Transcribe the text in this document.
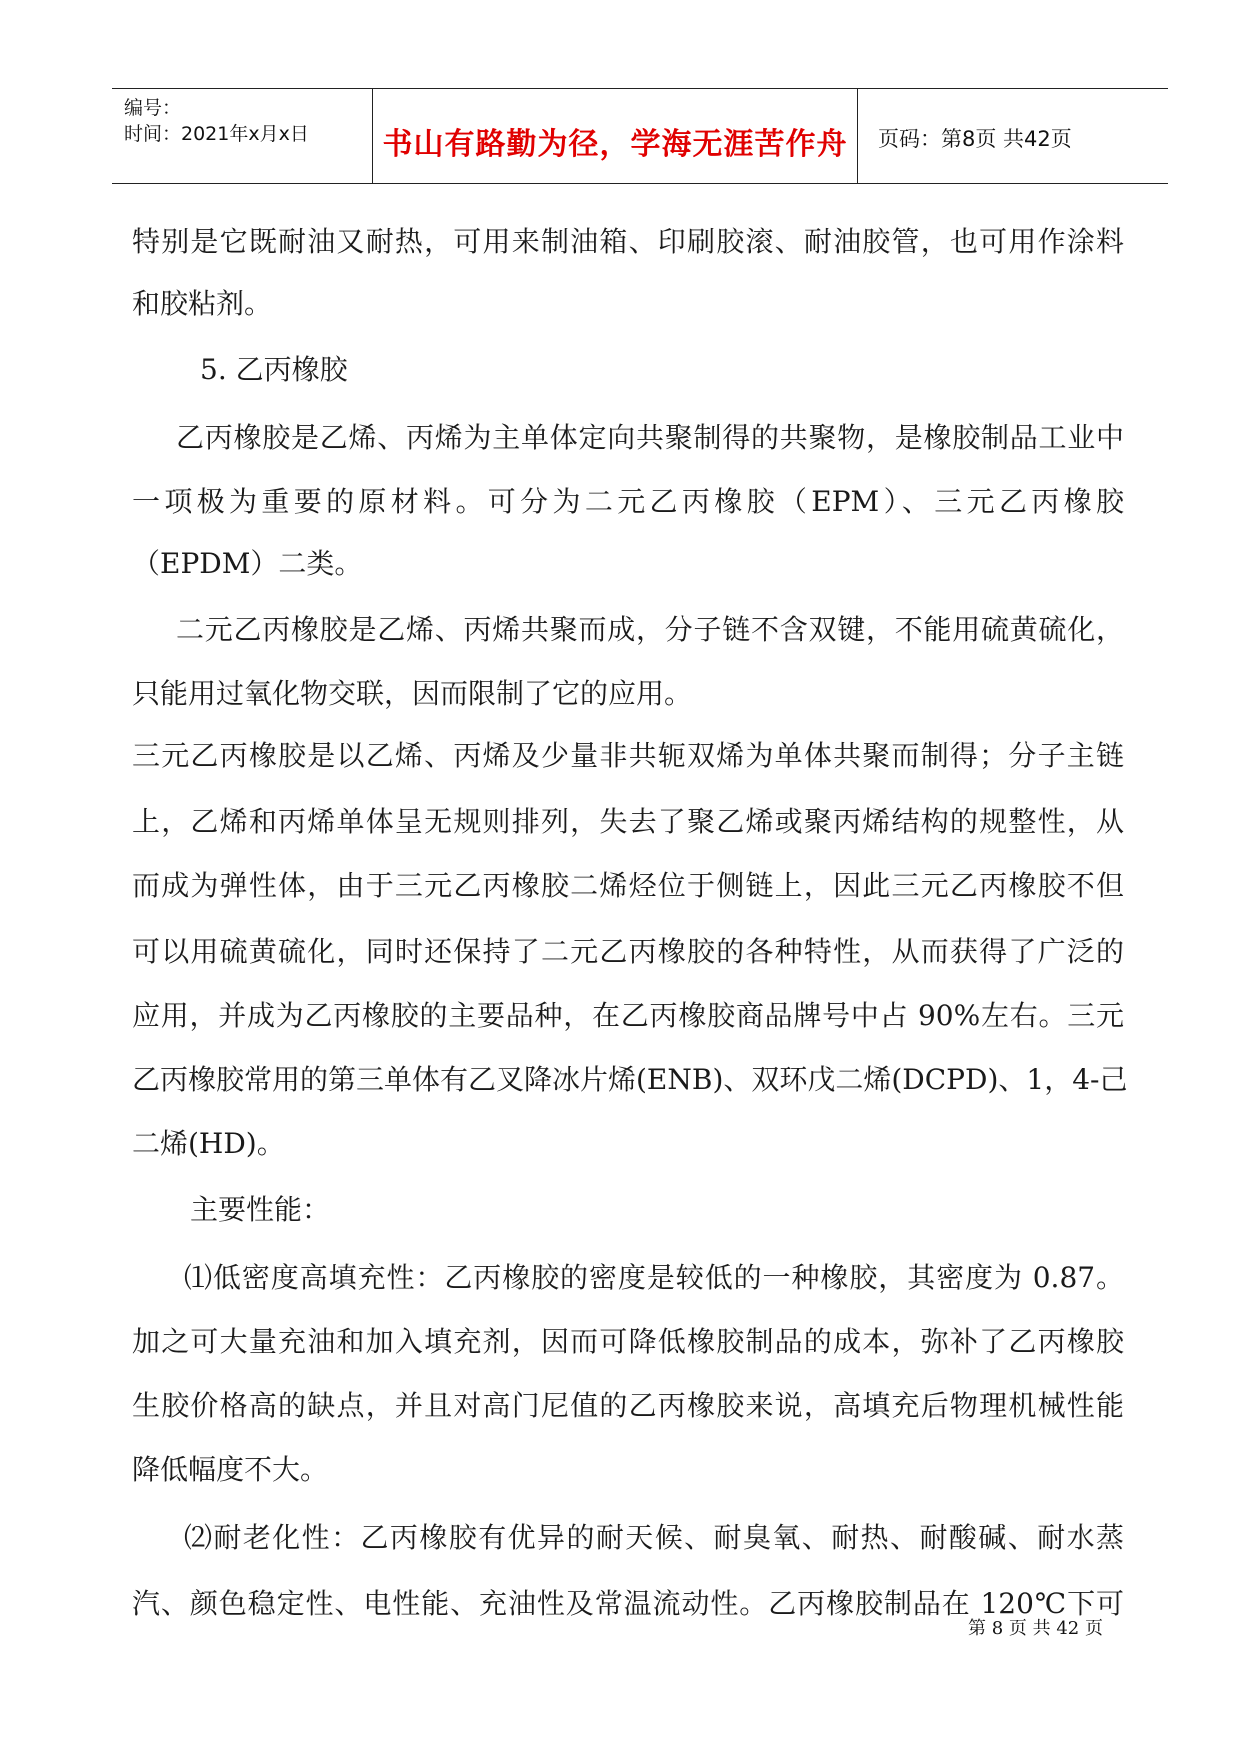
编号：
时间：2021年x月x日	书山有路勤为径，学海无涯苦作舟	页码：第8页 共42页
特别是它既耐油又耐热，可用来制油箱、印刷胶滚、耐油胶管，也可用作涂料
和胶粘剂。
5. 乙丙橡胶
乙丙橡胶是乙烯、丙烯为主单体定向共聚制得的共聚物，是橡胶制品工业中
一项极为重要的原材料。可分为二元乙丙橡胶（EPM）、三元乙丙橡胶
（EPDM）二类。
二元乙丙橡胶是乙烯、丙烯共聚而成，分子链不含双键，不能用硫黄硫化，
只能用过氧化物交联，因而限制了它的应用。
三元乙丙橡胶是以乙烯、丙烯及少量非共轭双烯为单体共聚而制得；分子主链
上，乙烯和丙烯单体呈无规则排列，失去了聚乙烯或聚丙烯结构的规整性，从
而成为弹性体，由于三元乙丙橡胶二烯烃位于侧链上，因此三元乙丙橡胶不但
可以用硫黄硫化，同时还保持了二元乙丙橡胶的各种特性，从而获得了广泛的
应用，并成为乙丙橡胶的主要品种，在乙丙橡胶商品牌号中占 90%左右。三元
乙丙橡胶常用的第三单体有乙叉降冰片烯(ENB)、双环戊二烯(DCPD)、1，4-己
二烯(HD)。
主要性能：
⑴低密度高填充性：乙丙橡胶的密度是较低的一种橡胶，其密度为 0.87。
加之可大量充油和加入填充剂，因而可降低橡胶制品的成本，弥补了乙丙橡胶
生胶价格高的缺点，并且对高门尼值的乙丙橡胶来说，高填充后物理机械性能
降低幅度不大。
⑵耐老化性：乙丙橡胶有优异的耐天候、耐臭氧、耐热、耐酸碱、耐水蒸
汽、颜色稳定性、电性能、充油性及常温流动性。乙丙橡胶制品在 120℃下可
第 8 页 共 42 页
